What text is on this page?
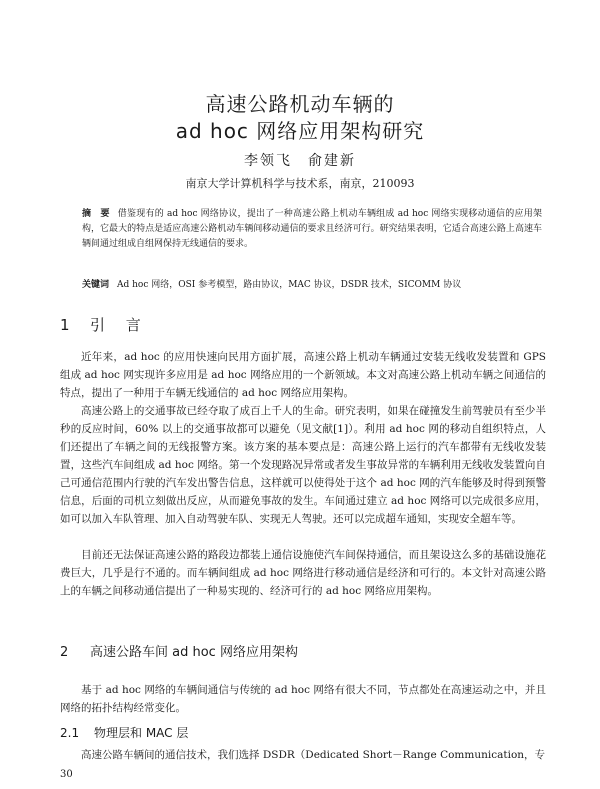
高速公路机动车辆的
ad hoc 网络应用架构研究
李领飞　俞建新
南京大学计算机科学与技术系，南京，210093
摘　要 借鉴现有的 ad hoc 网络协议，提出了一种高速公路上机动车辆组成 ad hoc 网络实现移动通信的应用架构，它最大的特点是适应高速公路机动车辆间移动通信的要求且经济可行。研究结果表明，它适合高速公路上高速车辆间通过组成自组网保持无线通信的要求。
关键词 Ad hoc 网络，OSI 参考模型，路由协议，MAC 协议，DSDR 技术，SICOMM 协议
1 引 言

近年来，ad hoc 的应用快速向民用方面扩展，高速公路上机动车辆通过安装无线收发装置和 GPS 组成 ad hoc 网实现许多应用是 ad hoc 网络应用的一个新领域。本文对高速公路上机动车辆之间通信的特点，提出了一种用于车辆无线通信的 ad hoc 网络应用架构。

高速公路上的交通事故已经夺取了成百上千人的生命。研究表明，如果在碰撞发生前驾驶员有至少半秒的反应时间，60% 以上的交通事故都可以避免（见文献[1]）。利用 ad hoc 网的移动自组织特点，人们还提出了车辆之间的无线报警方案。该方案的基本要点是：高速公路上运行的汽车都带有无线收发装置，这些汽车间组成 ad hoc 网络。第一个发现路况异常或者发生事故异常的车辆利用无线收发装置向自己可通信范围内行驶的汽车发出警告信息，这样就可以使得处于这个 ad hoc 网的汽车能够及时得到预警信息，后面的司机立刻做出反应，从而避免事故的发生。车间通过建立 ad hoc 网络可以完成很多应用，如可以加入车队管理、加入自动驾驶车队、实现无人驾驶。还可以完成超车通知，实现安全超车等。

目前还无法保证高速公路的路段边都装上通信设施使汽车间保持通信，而且架设这么多的基础设施花费巨大，几乎是行不通的。而车辆间组成 ad hoc 网络进行移动通信是经济和可行的。本文针对高速公路上的车辆之间移动通信提出了一种易实现的、经济可行的 ad hoc 网络应用架构。

2 高速公路车间 ad hoc 网络应用架构

基于 ad hoc 网络的车辆间通信与传统的 ad hoc 网络有很大不同，节点都处在高速运动之中，并且网络的拓扑结构经常变化。

2.1 物理层和 MAC 层

高速公路车辆间的通信技术，我们选择 DSDR（Dedicated Short－Range Communication，专

30
